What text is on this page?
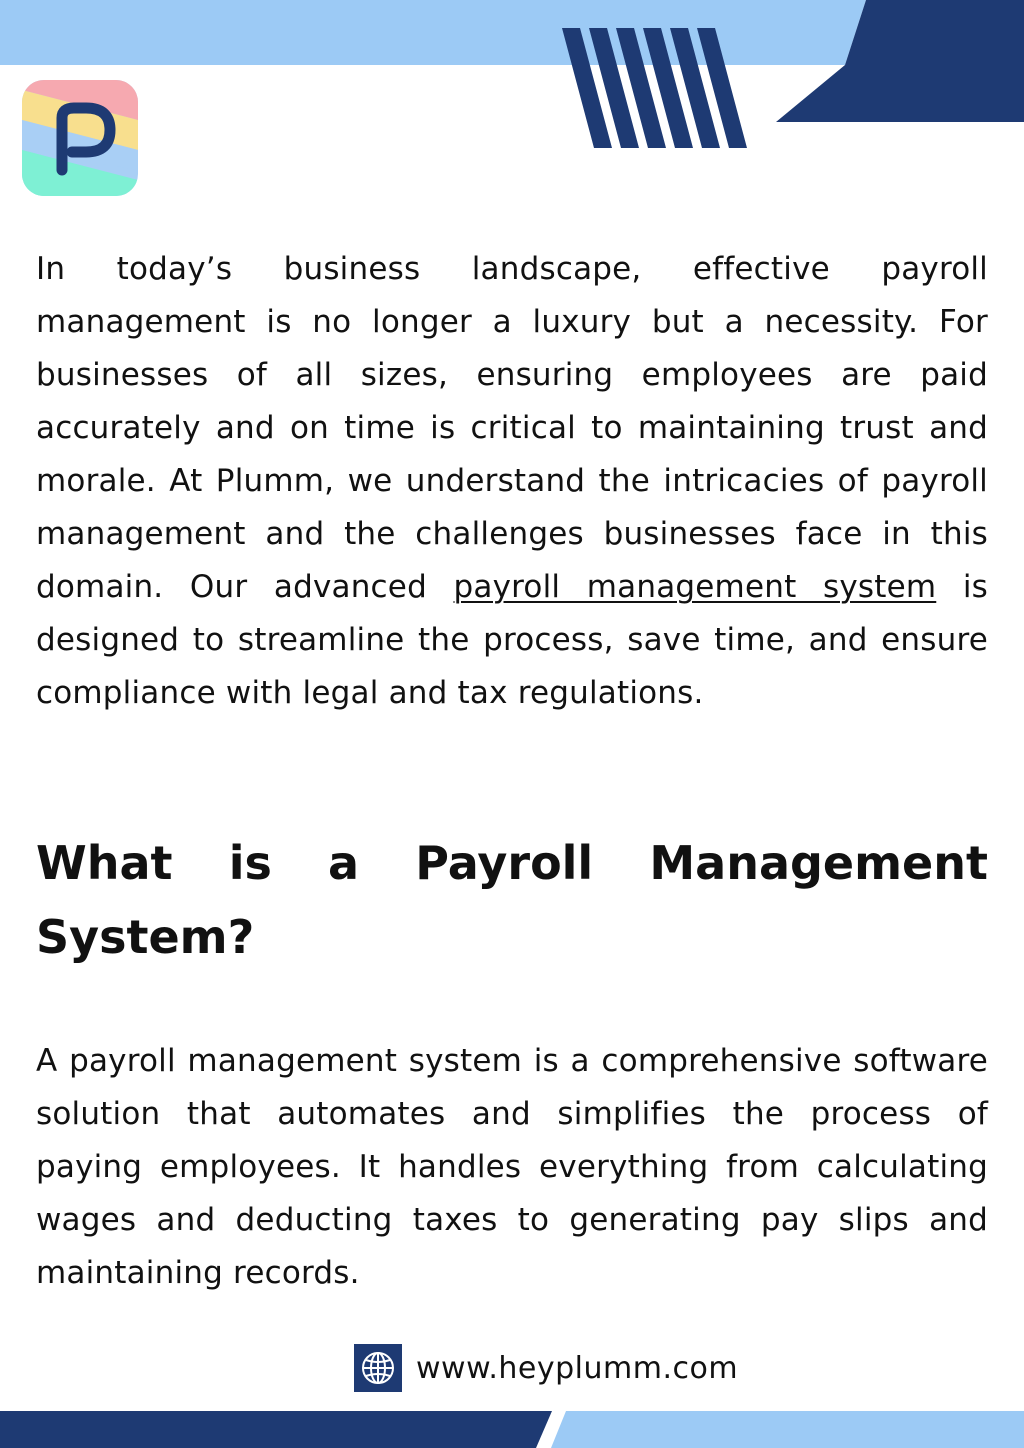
In today’s business landscape, effective payroll management is no longer a luxury but a necessity. For businesses of all sizes, ensuring employees are paid accurately and on time is critical to maintaining trust and morale. At Plumm, we understand the intricacies of payroll management and the challenges businesses face in this domain. Our advanced payroll management system is designed to streamline the process, save time, and ensure compliance with legal and tax regulations.

What is a Payroll Management System?

A payroll management system is a comprehensive software solution that automates and simplifies the process of paying employees. It handles everything from calculating wages and deducting taxes to generating pay slips and maintaining records.

www.heyplumm.com
